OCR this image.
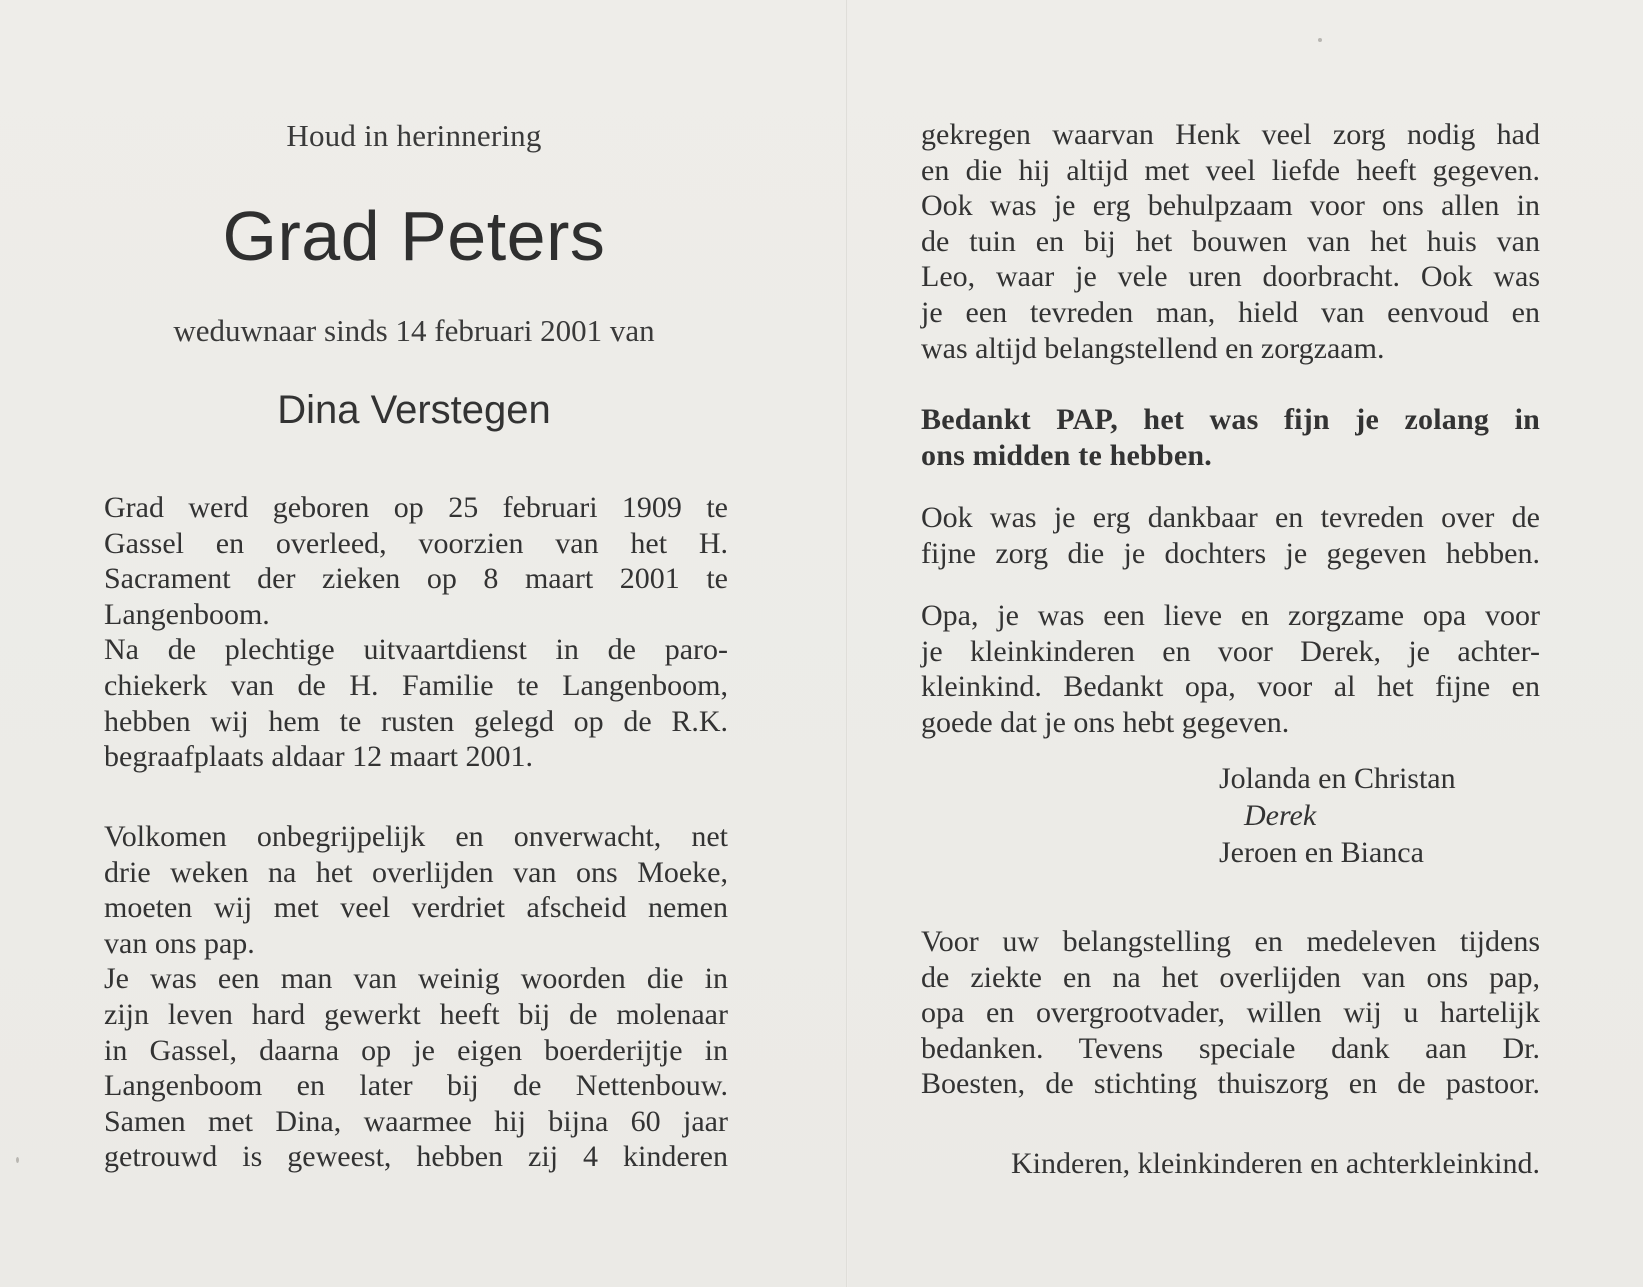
Houd in herinnering
Grad Peters
weduwnaar sinds 14 februari 2001 van
Dina Verstegen

Grad werd geboren op 25 februari 1909 te

Gassel en overleed, voorzien van het H.

Sacrament der zieken op 8 maart 2001 te

Langenboom.

Na de plechtige uitvaartdienst in de paro-

chiekerk van de H. Familie te Langenboom,

hebben wij hem te rusten gelegd op de R.K.

begraafplaats aldaar 12 maart 2001.

Volkomen onbegrijpelijk en onverwacht, net

drie weken na het overlijden van ons Moeke,

moeten wij met veel verdriet afscheid nemen

van ons pap.

Je was een man van weinig woorden die in

zijn leven hard gewerkt heeft bij de molenaar

in Gassel, daarna op je eigen boerderijtje in

Langenboom en later bij de Nettenbouw.

Samen met Dina, waarmee hij bijna 60 jaar

getrouwd is geweest, hebben zij 4 kinderen

gekregen waarvan Henk veel zorg nodig had

en die hij altijd met veel liefde heeft gegeven.

Ook was je erg behulpzaam voor ons allen in

de tuin en bij het bouwen van het huis van

Leo, waar je vele uren doorbracht. Ook was

je een tevreden man, hield van eenvoud en

was altijd belangstellend en zorgzaam.

Bedankt PAP, het was fijn je zolang in

ons midden te hebben.

Ook was je erg dankbaar en tevreden over de

fijne zorg die je dochters je gegeven hebben.

Opa, je was een lieve en zorgzame opa voor

je kleinkinderen en voor Derek, je achter-

kleinkind. Bedankt opa, voor al het fijne en

goede dat je ons hebt gegeven.

Jolanda en Christan
Derek
Jeroen en Bianca

Voor uw belangstelling en medeleven tijdens

de ziekte en na het overlijden van ons pap,

opa en overgrootvader, willen wij u hartelijk

bedanken. Tevens speciale dank aan Dr.

Boesten, de stichting thuiszorg en de pastoor.

Kinderen, kleinkinderen en achterkleinkind.
